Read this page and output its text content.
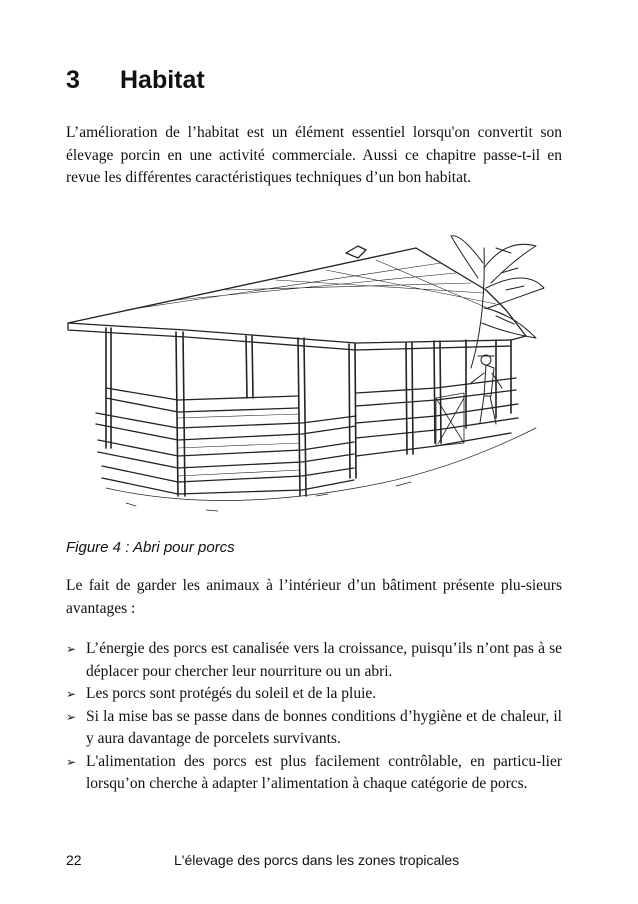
3 Habitat

L’amélioration de l’habitat est un élément essentiel lorsqu'on convertit son élevage porcin en une activité commerciale. Aussi ce chapitre passe-t-il en revue les différentes caractéristiques techniques d’un bon habitat.

Figure 4 : Abri pour porcs

Le fait de garder les animaux à l’intérieur d’un bâtiment présente plu-sieurs avantages :

➢ L’énergie des porcs est canalisée vers la croissance, puisqu’ils n’ont pas à se déplacer pour chercher leur nourriture ou un abri.
➢ Les porcs sont protégés du soleil et de la pluie.
➢ Si la mise bas se passe dans de bonnes conditions d’hygiène et de chaleur, il y aura davantage de porcelets survivants.
➢ L'alimentation des porcs est plus facilement contrôlable, en particu-lier lorsqu’on cherche à adapter l’alimentation à chaque catégorie de porcs.
22	L'élevage des porcs dans les zones tropicales
